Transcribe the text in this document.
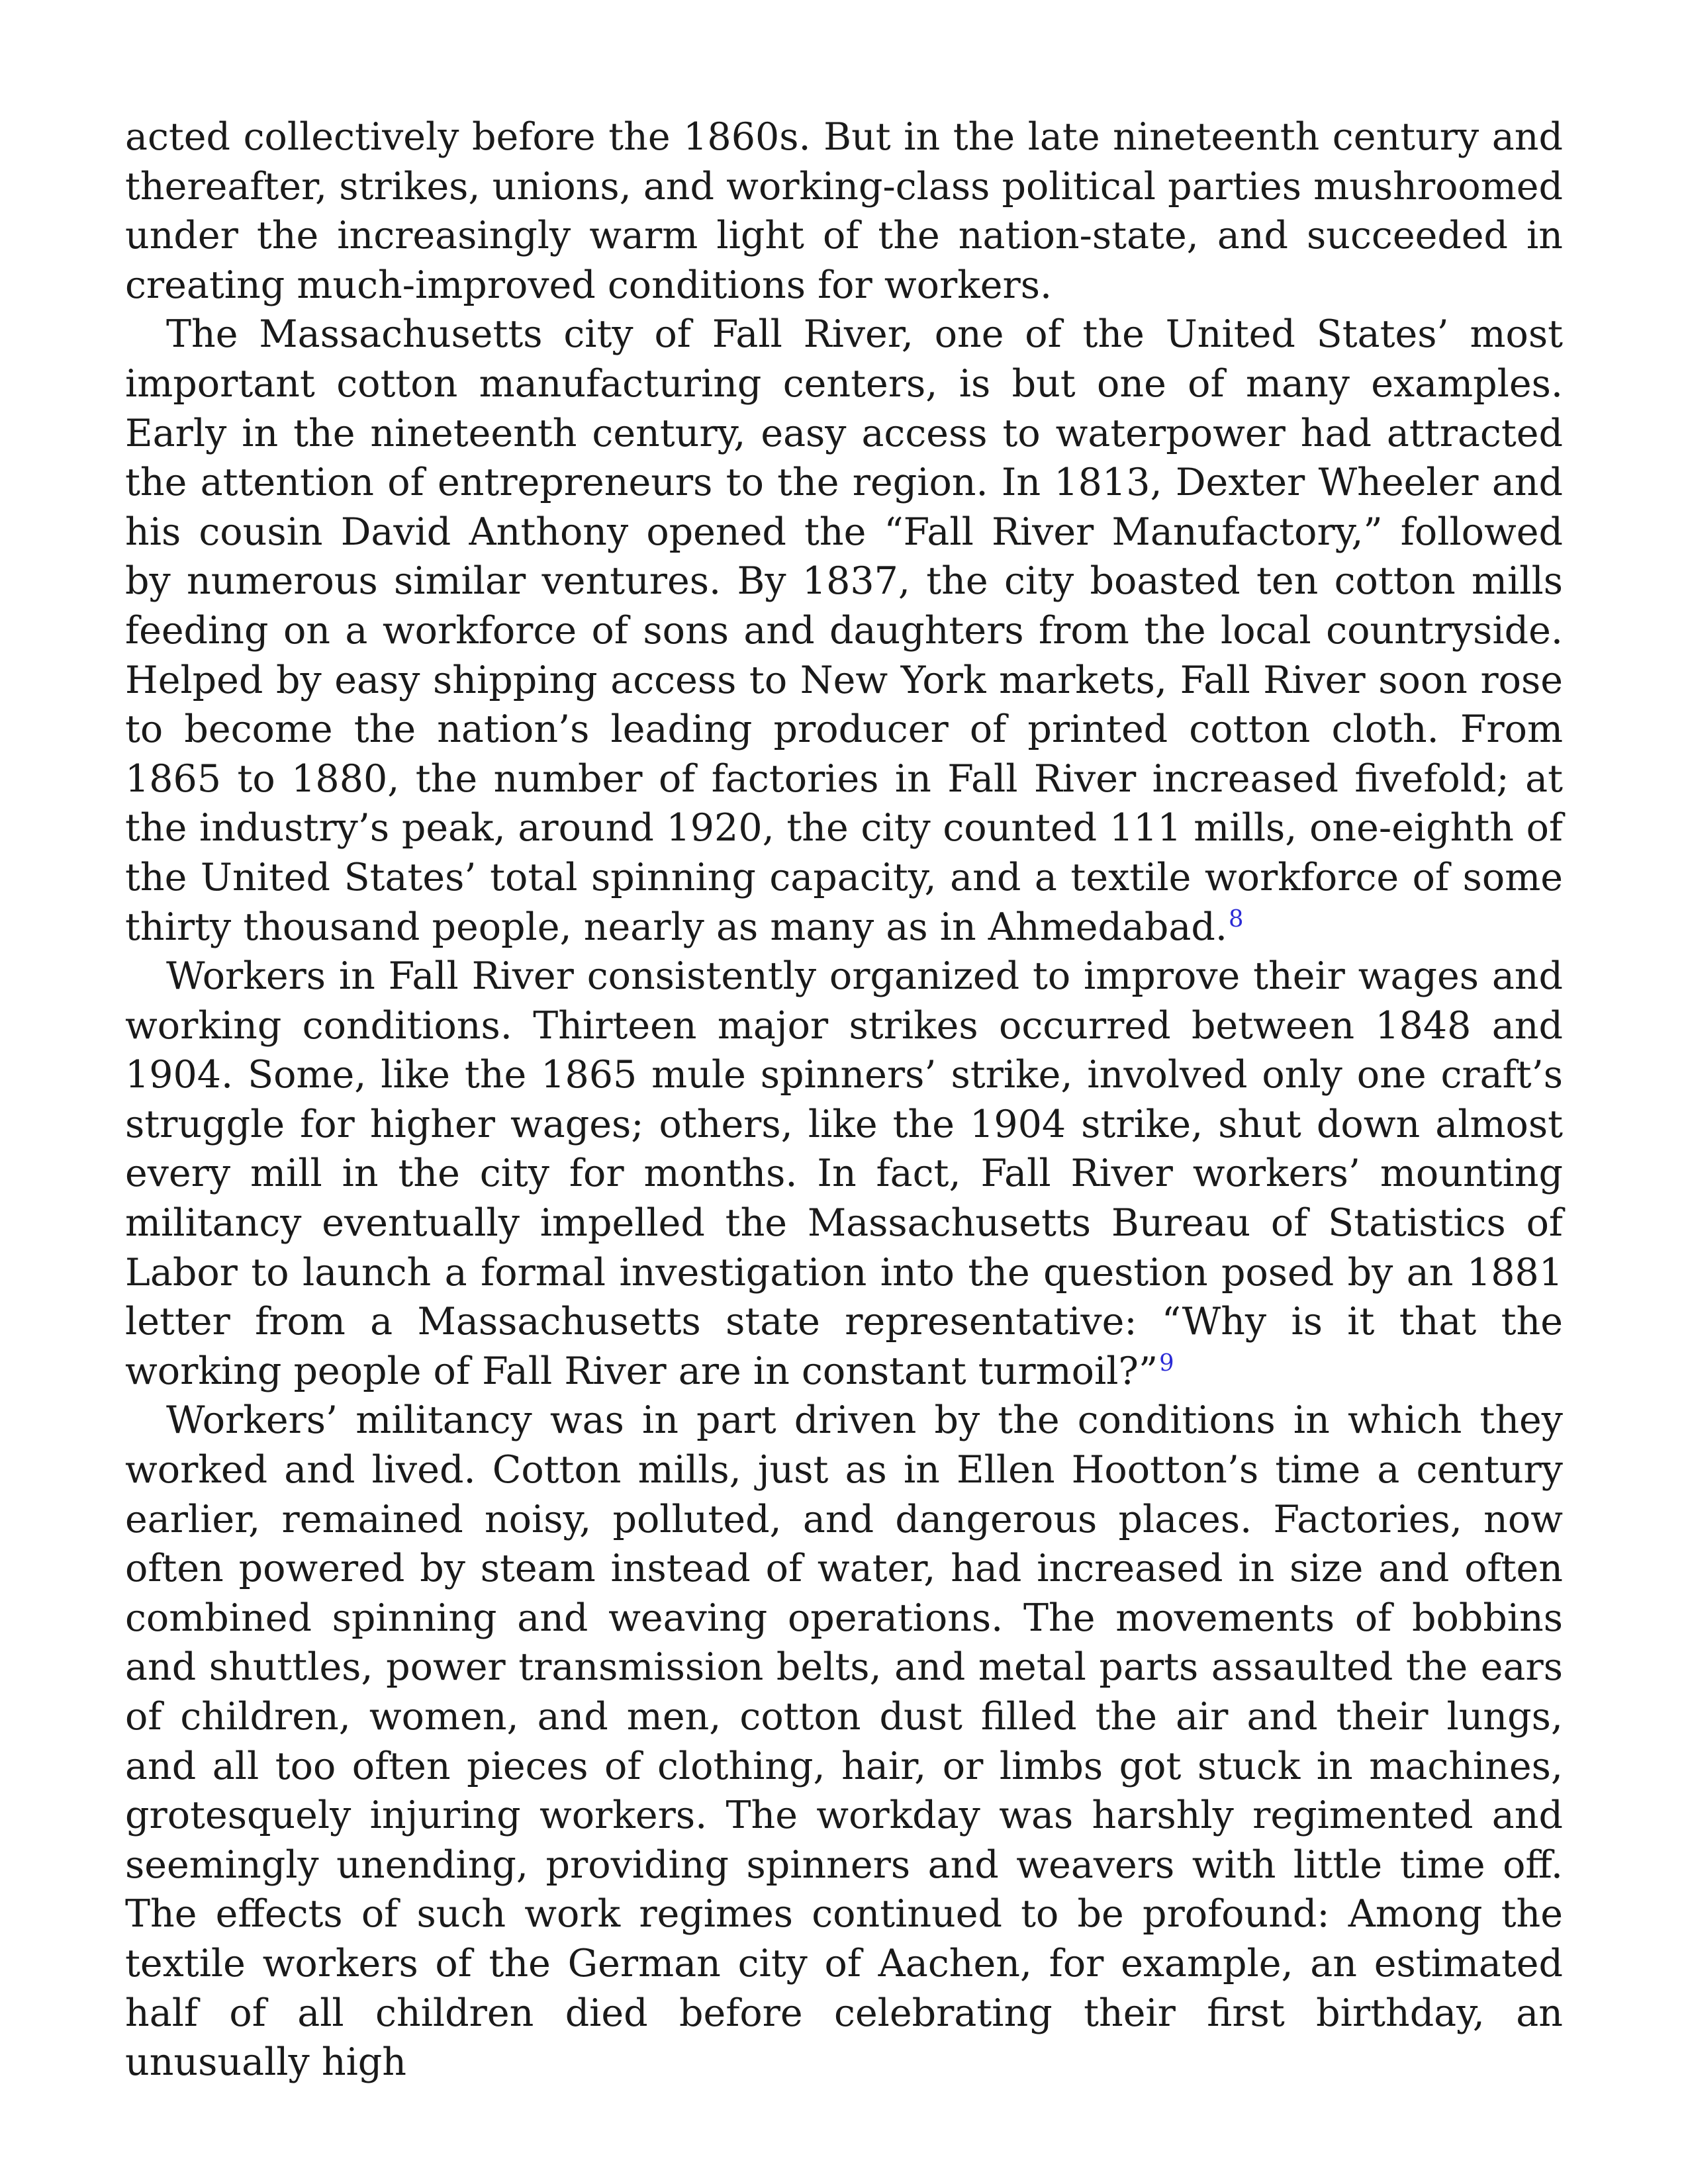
acted collectively before the 1860s. But in the late nineteenth century and thereafter, strikes, unions, and working-class political parties mushroomed under the increasingly warm light of the nation-state, and succeeded in creating much-improved conditions for workers.

The Massachusetts city of Fall River, one of the United States’ most important cotton manufacturing centers, is but one of many examples. Early in the nineteenth century, easy access to waterpower had attracted the attention of entrepreneurs to the region. In 1813, Dexter Wheeler and his cousin David Anthony opened the “Fall River Manufactory,” followed by numerous similar ventures. By 1837, the city boasted ten cotton mills feeding on a workforce of sons and daughters from the local countryside. Helped by easy shipping access to New York markets, Fall River soon rose to become the nation’s leading producer of printed cotton cloth. From 1865 to 1880, the number of factories in Fall River increased fivefold; at the industry’s peak, around 1920, the city counted 111 mills, one-eighth of the United States’ total spinning capacity, and a textile workforce of some thirty thousand people, nearly as many as in Ahmedabad.$^8$

Workers in Fall River consistently organized to improve their wages and working conditions. Thirteen major strikes occurred between 1848 and 1904. Some, like the 1865 mule spinners’ strike, involved only one craft’s struggle for higher wages; others, like the 1904 strike, shut down almost every mill in the city for months. In fact, Fall River workers’ mounting militancy eventually impelled the Massachusetts Bureau of Statistics of Labor to launch a formal investigation into the question posed by an 1881 letter from a Massachusetts state representative: “Why is it that the working people of Fall River are in constant turmoil?”$^9$

Workers’ militancy was in part driven by the conditions in which they worked and lived. Cotton mills, just as in Ellen Hootton’s time a century earlier, remained noisy, polluted, and dangerous places. Factories, now often powered by steam instead of water, had increased in size and often combined spinning and weaving operations. The movements of bobbins and shuttles, power transmission belts, and metal parts assaulted the ears of children, women, and men, cotton dust filled the air and their lungs, and all too often pieces of clothing, hair, or limbs got stuck in machines, grotesquely injuring workers. The workday was harshly regimented and seemingly unending, providing spinners and weavers with little time off. The effects of such work regimes continued to be profound: Among the textile workers of the German city of Aachen, for example, an estimated half of all children died before celebrating their first birthday, an unusually high
